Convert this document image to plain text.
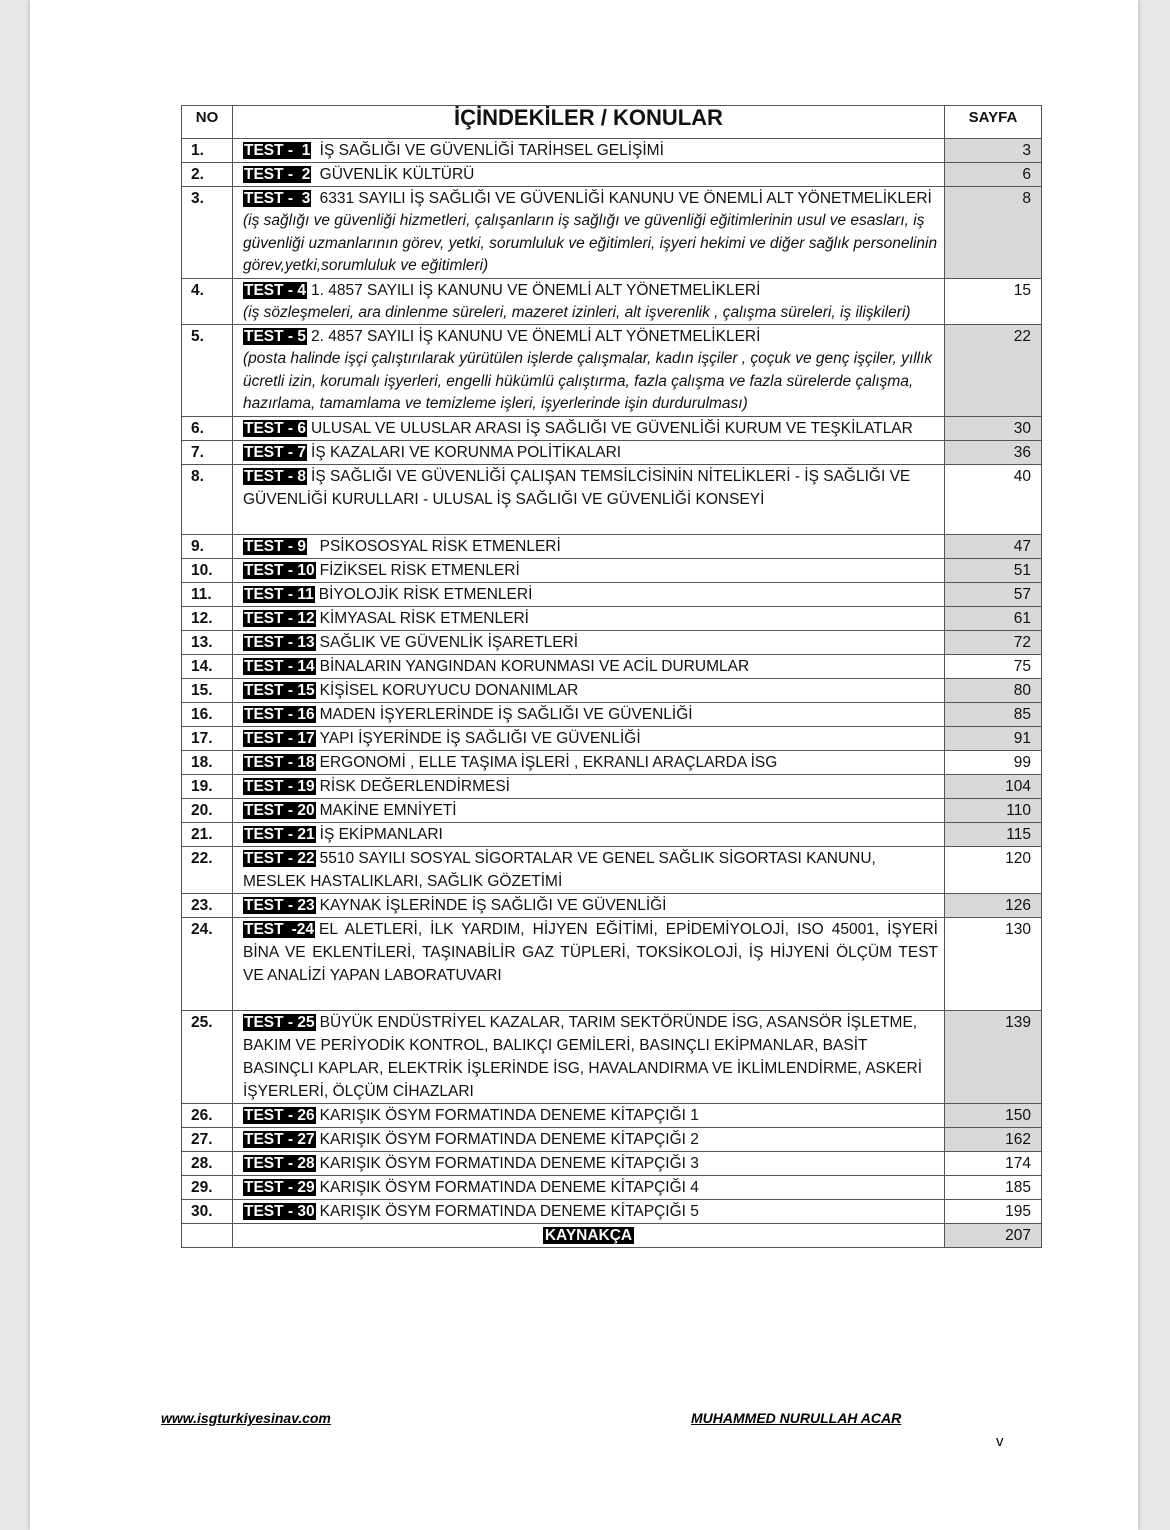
NO	İÇİNDEKİLER / KONULAR	SAYFA
1.	TEST -  1 İŞ SAĞLIĞI VE GÜVENLİĞİ TARİHSEL GELİŞİMİ	3
2.	TEST -  2 GÜVENLİK KÜLTÜRÜ	6
3.	TEST -  3 6331 SAYILI İŞ SAĞLIĞI VE GÜVENLİĞİ KANUNU VE ÖNEMLİ ALT YÖNETMELİKLERİ
(iş sağlığı ve güvenliği hizmetleri, çalışanların iş sağlığı ve güvenliği eğitimlerinin usul ve esasları, iş güvenliği uzmanlarının görev, yetki, sorumluluk ve eğitimleri, işyeri hekimi ve diğer sağlık personelinin görev,yetki,sorumluluk ve eğitimleri)	8
4.	TEST - 4 1. 4857 SAYILI İŞ KANUNU VE ÖNEMLİ ALT YÖNETMELİKLERİ
(iş sözleşmeleri, ara dinlenme süreleri, mazeret izinleri, alt işverenlik , çalışma süreleri, iş ilişkileri)	15
5.	TEST - 5 2. 4857 SAYILI İŞ KANUNU VE ÖNEMLİ ALT YÖNETMELİKLERİ
(posta halinde işçi çalıştırılarak yürütülen işlerde çalışmalar, kadın işçiler , çoçuk ve genç işçiler, yıllık ücretli izin, korumalı işyerleri, engelli hükümlü çalıştırma, fazla çalışma ve fazla sürelerde çalışma, hazırlama, tamamlama ve temizleme işleri, işyerlerinde işin durdurulması)	22
6.	TEST - 6 ULUSAL VE ULUSLAR ARASI İŞ SAĞLIĞI VE GÜVENLİĞİ KURUM VE TEŞKİLATLAR	30
7.	TEST - 7 İŞ KAZALARI VE KORUNMA POLİTİKALARI	36
8.	TEST - 8 İŞ SAĞLIĞI VE GÜVENLİĞİ ÇALIŞAN TEMSİLCİSİNİN NİTELİKLERİ - İŞ SAĞLIĞI VE GÜVENLİĞİ KURULLARI - ULUSAL İŞ SAĞLIĞI VE GÜVENLİĞİ KONSEYİ	40
9.	TEST - 9  PSİKOSOSYAL RİSK ETMENLERİ	47
10.	TEST - 10 FİZİKSEL RİSK ETMENLERİ	51
11.	TEST - 11 BİYOLOJİK RİSK ETMENLERİ	57
12.	TEST - 12 KİMYASAL RİSK ETMENLERİ	61
13.	TEST - 13 SAĞLIK VE GÜVENLİK İŞARETLERİ	72
14.	TEST - 14 BİNALARIN YANGINDAN KORUNMASI VE ACİL DURUMLAR	75
15.	TEST - 15 KİŞİSEL KORUYUCU DONANIMLAR	80
16.	TEST - 16 MADEN İŞYERLERİNDE İŞ SAĞLIĞI VE GÜVENLİĞİ	85
17.	TEST - 17 YAPI İŞYERİNDE İŞ SAĞLIĞI VE GÜVENLİĞİ	91
18.	TEST - 18 ERGONOMİ , ELLE TAŞIMA İŞLERİ , EKRANLI ARAÇLARDA İSG	99
19.	TEST - 19 RİSK DEĞERLENDİRMESİ	104
20.	TEST - 20 MAKİNE EMNİYETİ	110
21.	TEST - 21 İŞ EKİPMANLARI	115
22.	TEST - 22 5510 SAYILI SOSYAL SİGORTALAR VE GENEL SAĞLIK SİGORTASI KANUNU,  MESLEK HASTALIKLARI, SAĞLIK GÖZETİMİ	120
23.	TEST - 23 KAYNAK İŞLERİNDE İŞ SAĞLIĞI VE GÜVENLİĞİ	126
24.	TEST -24 EL ALETLERİ, İLK YARDIM, HİJYEN EĞİTİMİ, EPİDEMİYOLOJİ, ISO 45001, İŞYERİ BİNA VE EKLENTİLERİ, TAŞINABİLİR GAZ TÜPLERİ, TOKSİKOLOJİ, İŞ HİJYENİ ÖLÇÜM TEST VE ANALİZİ YAPAN LABORATUVARI	130
25.	TEST - 25 BÜYÜK ENDÜSTRİYEL KAZALAR, TARIM SEKTÖRÜNDE İSG, ASANSÖR İŞLETME, BAKIM VE PERİYODİK KONTROL, BALIKÇI GEMİLERİ, BASINÇLI EKİPMANLAR, BASİT BASINÇLI KAPLAR, ELEKTRİK İŞLERİNDE İSG, HAVALANDIRMA VE İKLİMLENDİRME, ASKERİ İŞYERLERİ, ÖLÇÜM CİHAZLARI	139
26.	TEST - 26 KARIŞIK ÖSYM FORMATINDA DENEME KİTAPÇIĞI 1	150
27.	TEST - 27 KARIŞIK ÖSYM FORMATINDA DENEME KİTAPÇIĞI 2	162
28.	TEST - 28 KARIŞIK ÖSYM FORMATINDA DENEME KİTAPÇIĞI 3	174
29.	TEST - 29 KARIŞIK ÖSYM FORMATINDA DENEME KİTAPÇIĞI 4	185
30.	TEST - 30 KARIŞIK ÖSYM FORMATINDA DENEME KİTAPÇIĞI 5	195
	KAYNAKÇA	207
www.isgturkiyesinav.com	MUHAMMED NURULLAH ACAR
v
